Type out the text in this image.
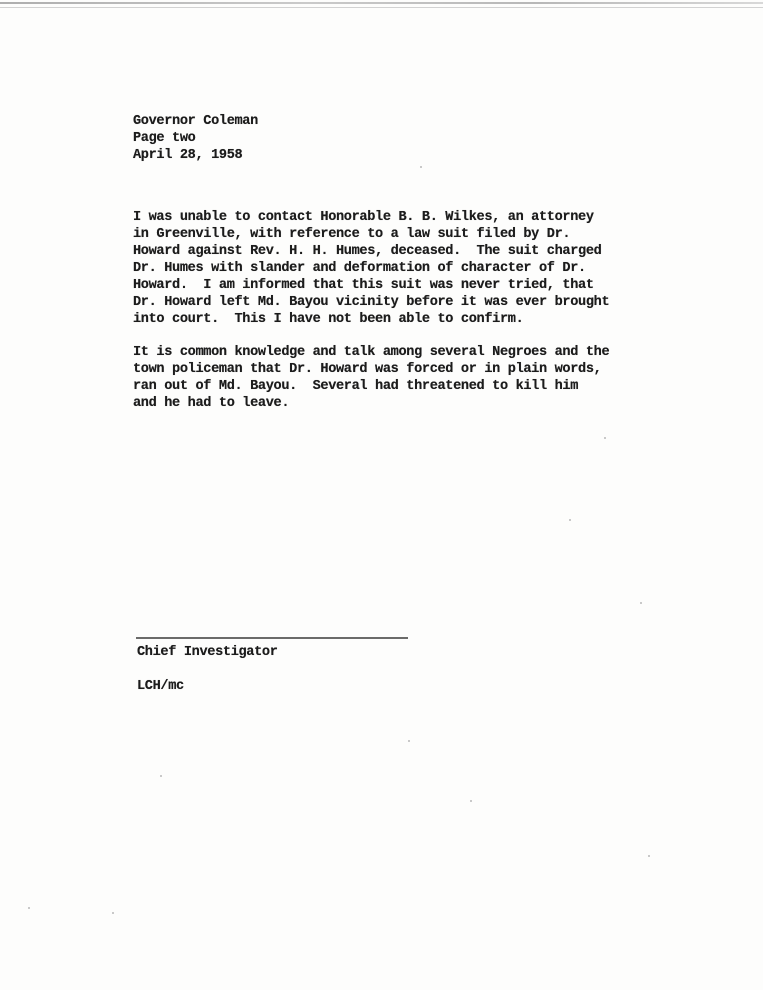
Governor Coleman
Page two
April 28, 1958
I was unable to contact Honorable B. B. Wilkes, an attorney
in Greenville, with reference to a law suit filed by Dr.
Howard against Rev. H. H. Humes, deceased.  The suit charged
Dr. Humes with slander and deformation of character of Dr.
Howard.  I am informed that this suit was never tried, that
Dr. Howard left Md. Bayou vicinity before it was ever brought
into court.  This I have not been able to confirm.
It is common knowledge and talk among several Negroes and the
town policeman that Dr. Howard was forced or in plain words,
ran out of Md. Bayou.  Several had threatened to kill him
and he had to leave.
Chief Investigator
LCH/mc
